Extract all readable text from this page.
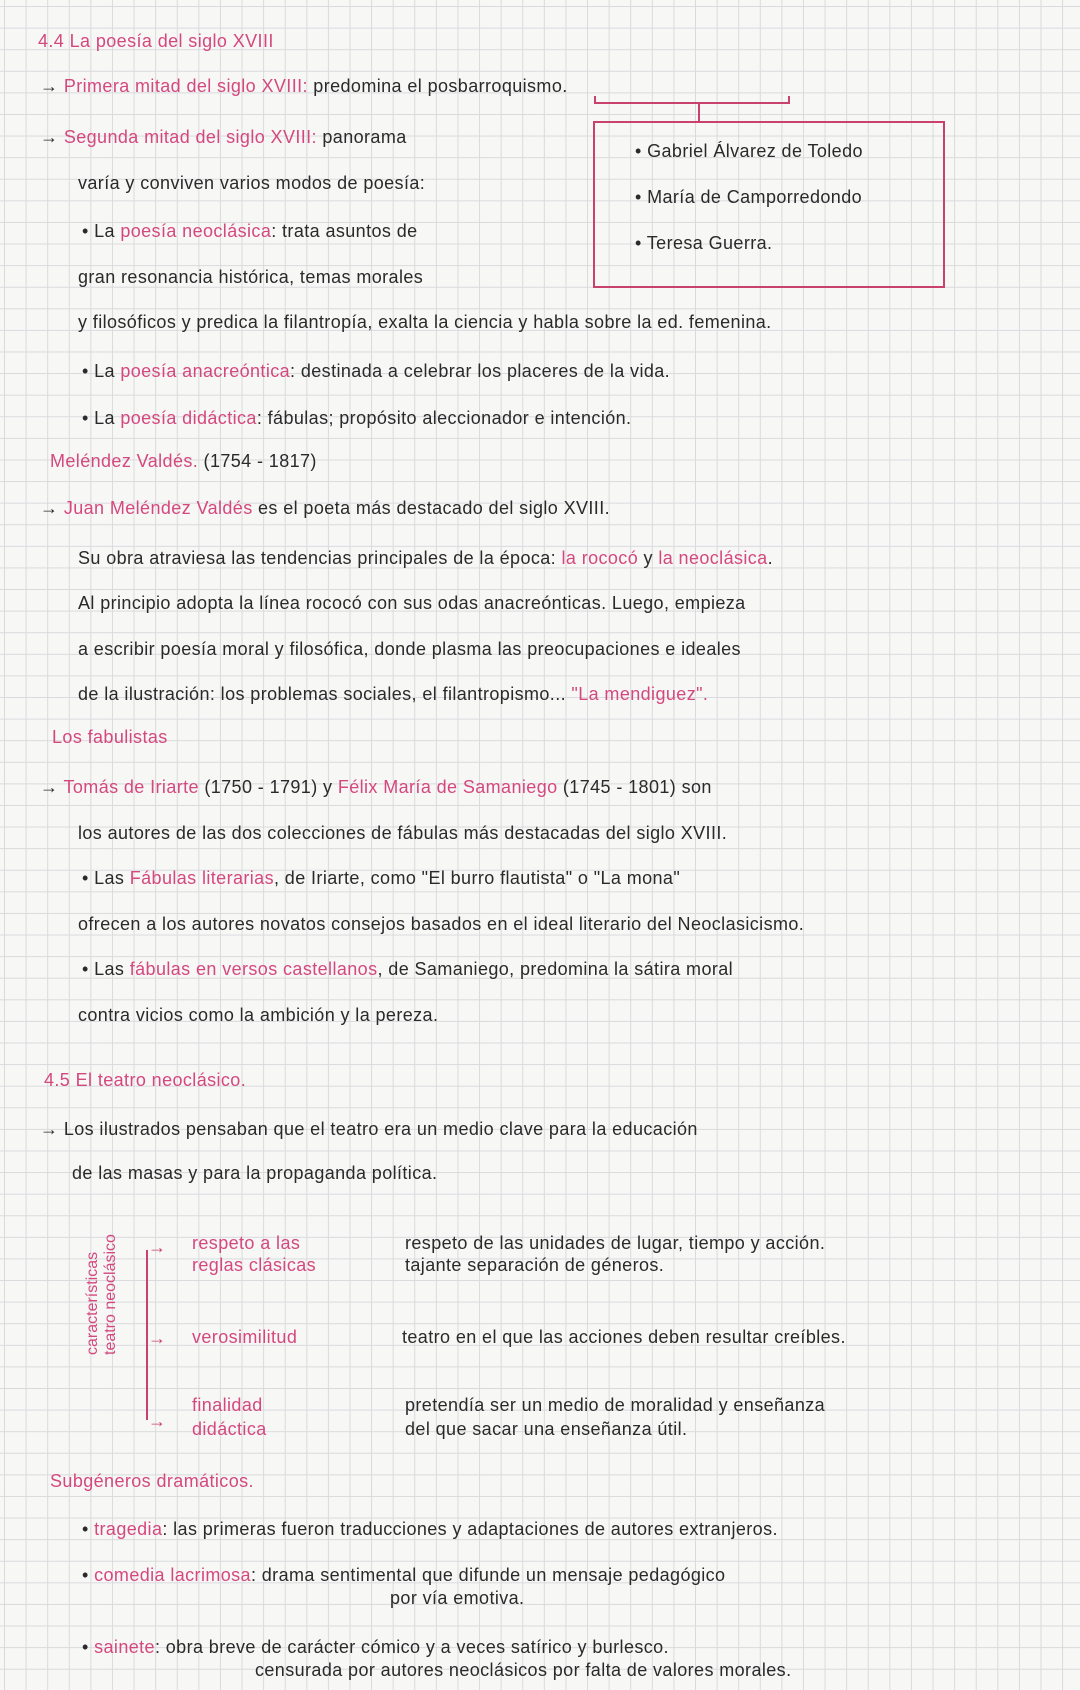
• Gabriel Álvarez de Toledo
• María de Camporredondo
• Teresa Guerra.
características teatro neoclásico →
→
→
4.4 La poesía del siglo XVIII
→ Primera mitad del siglo XVIII: predomina el posbarroquismo.
→ Segunda mitad del siglo XVIII: panorama
varía y conviven varios modos de poesía:
• La poesía neoclásica: trata asuntos de
gran resonancia histórica, temas morales
y filosóficos y predica la filantropía, exalta la ciencia y habla sobre la ed. femenina.
• La poesía anacreóntica: destinada a celebrar los placeres de la vida.
• La poesía didáctica: fábulas; propósito aleccionador e intención.
Meléndez Valdés. (1754 - 1817)
→ Juan Meléndez Valdés es el poeta más destacado del siglo XVIII.
Su obra atraviesa las tendencias principales de la época: la rococó y la neoclásica.
Al principio adopta la línea rococó con sus odas anacreónticas. Luego, empieza
a escribir poesía moral y filosófica, donde plasma las preocupaciones e ideales
de la ilustración: los problemas sociales, el filantropismo... "La mendiguez".
Los fabulistas
→ Tomás de Iriarte (1750 - 1791) y Félix María de Samaniego (1745 - 1801) son
los autores de las dos colecciones de fábulas más destacadas del siglo XVIII.
• Las Fábulas literarias, de Iriarte, como "El burro flautista" o "La mona"
ofrecen a los autores novatos consejos basados en el ideal literario del Neoclasicismo.
• Las fábulas en versos castellanos, de Samaniego, predomina la sátira moral
contra vicios como la ambición y la pereza.
4.5 El teatro neoclásico.
→ Los ilustrados pensaban que el teatro era un medio clave para la educación
de las masas y para la propaganda política.
respeto a las
reglas clásicas
respeto de las unidades de lugar, tiempo y acción.
tajante separación de géneros.
verosimilitud	teatro en el que las acciones deben resultar creíbles.
finalidad
didáctica
pretendía ser un medio de moralidad y enseñanza
del que sacar una enseñanza útil.
Subgéneros dramáticos.
• tragedia: las primeras fueron traducciones y adaptaciones de autores extranjeros.
• comedia lacrimosa: drama sentimental que difunde un mensaje pedagógico
por vía emotiva.
• sainete: obra breve de carácter cómico y a veces satírico y burlesco.
censurada por autores neoclásicos por falta de valores morales.
